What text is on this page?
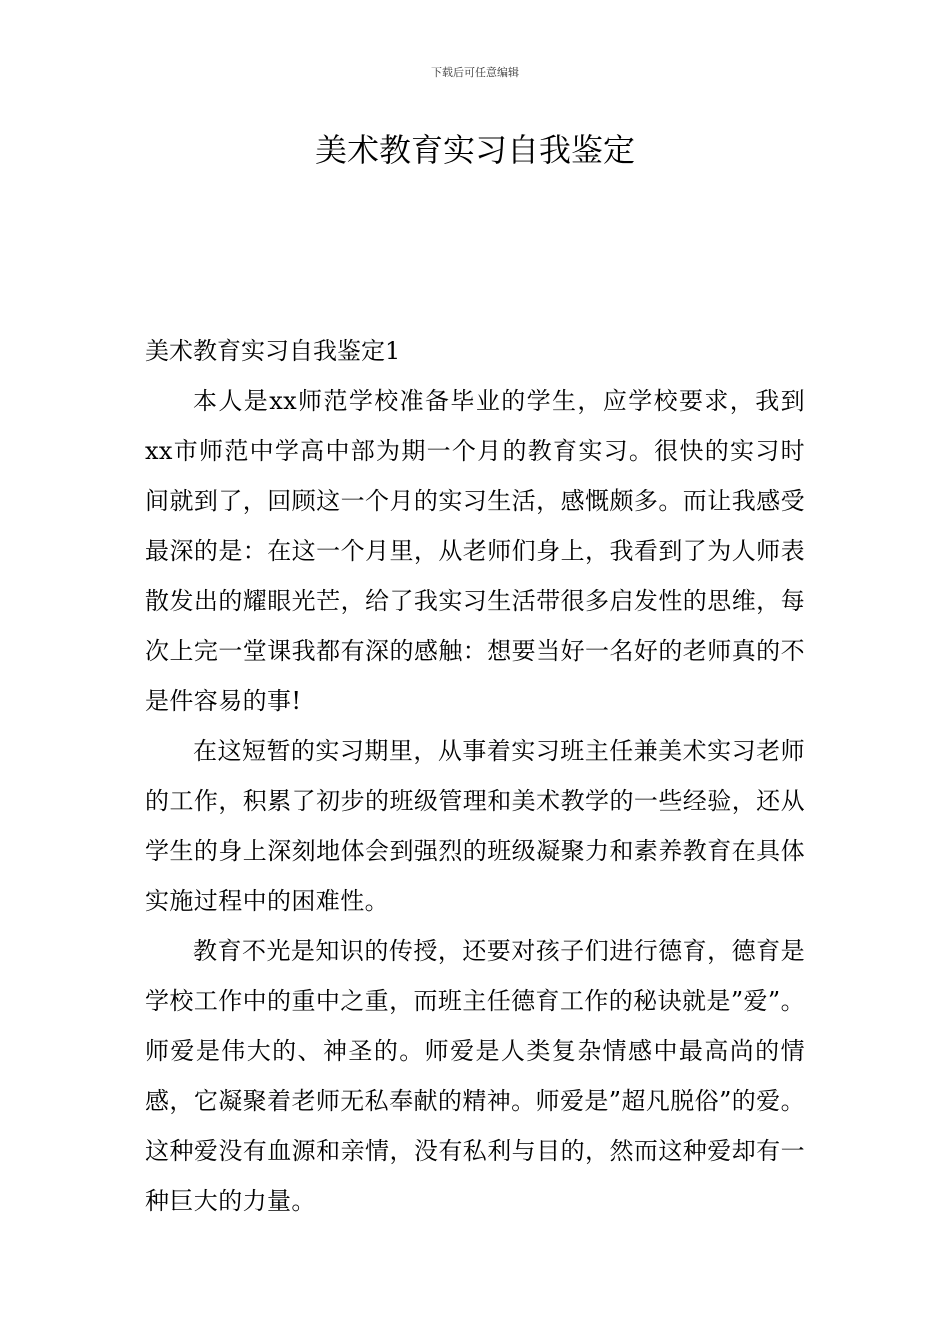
下载后可任意编辑
美术教育实习自我鉴定

美术教育实习自我鉴定1

本人是xx师范学校准备毕业的学生，应学校要求，我到xx市师范中学高中部为期一个月的教育实习。很快的实习时间就到了，回顾这一个月的实习生活，感慨颇多。而让我感受最深的是：在这一个月里，从老师们身上，我看到了为人师表散发出的耀眼光芒，给了我实习生活带很多启发性的思维，每次上完一堂课我都有深的感触：想要当好一名好的老师真的不是件容易的事!

在这短暂的实习期里，从事着实习班主任兼美术实习老师的工作，积累了初步的班级管理和美术教学的一些经验，还从学生的身上深刻地体会到强烈的班级凝聚力和素养教育在具体实施过程中的困难性。

教育不光是知识的传授，还要对孩子们进行德育，德育是学校工作中的重中之重，而班主任德育工作的秘诀就是”爱”。师爱是伟大的、神圣的。师爱是人类复杂情感中最高尚的情感，它凝聚着老师无私奉献的精神。师爱是”超凡脱俗”的爱。这种爱没有血源和亲情，没有私利与目的，然而这种爱却有一种巨大的力量。
